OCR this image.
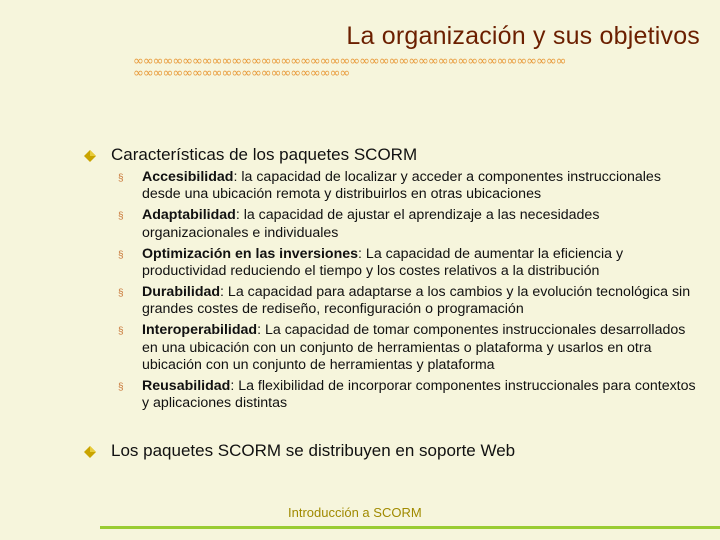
La organización y sus objetivos
∞∞∞∞∞∞∞∞∞∞∞∞∞∞∞∞∞∞∞∞∞∞∞∞∞∞∞∞∞∞∞∞∞∞∞∞∞∞∞∞∞∞∞∞
∞∞∞∞∞∞∞∞∞∞∞∞∞∞∞∞∞∞∞∞∞∞
Características de los paquetes SCORM
§ Accesibilidad: la capacidad de localizar y acceder a componentes instruccionales desde una ubicación remota y distribuirlos en otras ubicaciones
§ Adaptabilidad: la capacidad de ajustar el aprendizaje a las necesidades organizacionales e individuales
§ Optimización en las inversiones: La capacidad de aumentar la eficiencia y productividad reduciendo el tiempo y los costes relativos a la distribución
§ Durabilidad: La capacidad para adaptarse a los cambios y la evolución tecnológica sin grandes costes de rediseño, reconfiguración o programación
§ Interoperabilidad: La capacidad de tomar componentes instruccionales desarrollados en una ubicación con un conjunto de herramientas o plataforma y usarlos en otra ubicación con un conjunto de herramientas y plataforma
§ Reusabilidad: La flexibilidad de incorporar componentes instruccionales para contextos y aplicaciones distintas
Los paquetes SCORM se distribuyen en soporte Web
Introducción a SCORM
